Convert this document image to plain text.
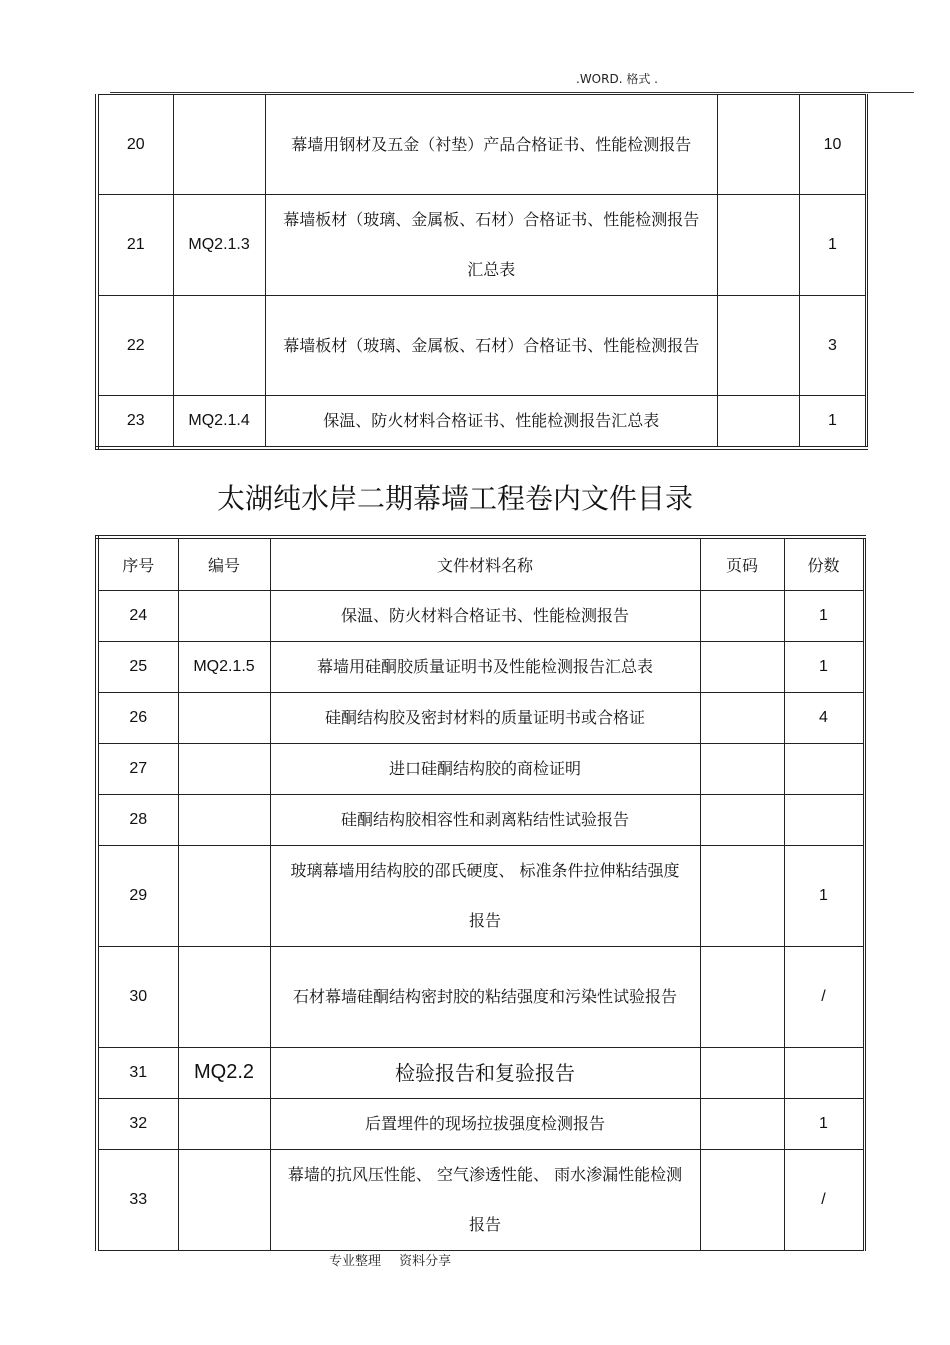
.WORD. 格式 .
20		幕墙用钢材及五金（衬垫）产品合格证书、性能检测报告		10
21	MQ2.1.3	幕墙板材（玻璃、金属板、石材）合格证书、性能检测报告汇总表		1
22		幕墙板材（玻璃、金属板、石材）合格证书、性能检测报告		3
23	MQ2.1.4	保温、防火材料合格证书、性能检测报告汇总表		1
太湖纯水岸二期幕墙工程卷内文件目录
序号	编号	文件材料名称	页码	份数
24		保温、防火材料合格证书、性能检测报告		1
25	MQ2.1.5	幕墙用硅酮胶质量证明书及性能检测报告汇总表		1
26		硅酮结构胶及密封材料的质量证明书或合格证		4
27		进口硅酮结构胶的商检证明		
28		硅酮结构胶相容性和剥离粘结性试验报告		
29		玻璃幕墙用结构胶的邵氏硬度、 标准条件拉伸粘结强度报告		1
30		石材幕墙硅酮结构密封胶的粘结强度和污染性试验报告		/
31	MQ2.2	检验报告和复验报告		
32		后置埋件的现场拉拔强度检测报告		1
33		幕墙的抗风压性能、 空气渗透性能、 雨水渗漏性能检测报告		/
专业整理 资料分享
